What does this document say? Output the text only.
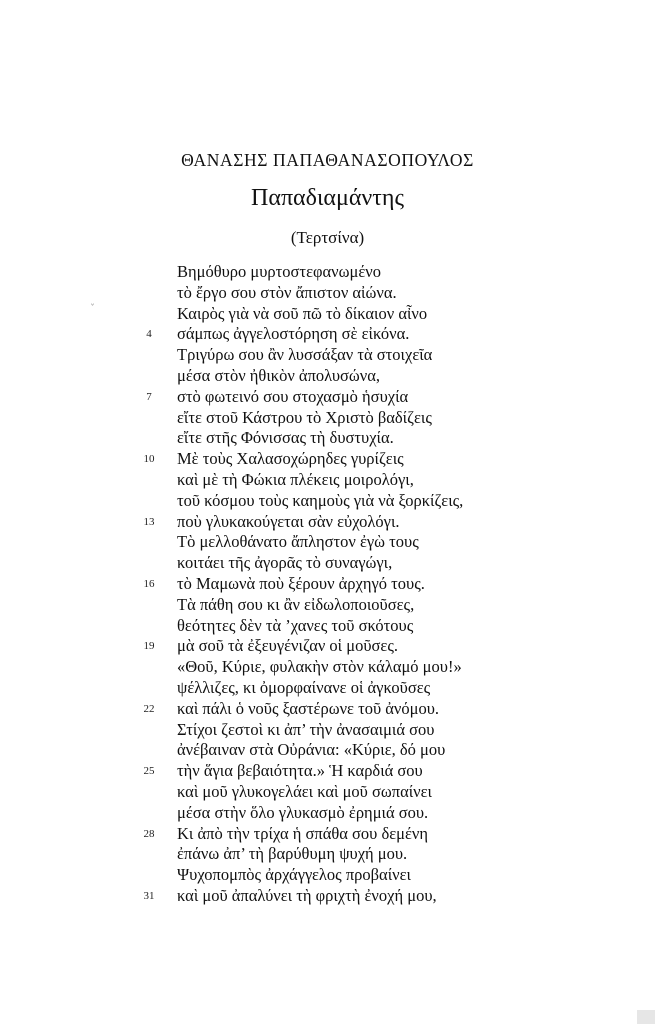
ΘΑΝΑΣΗΣ ΠΑΠΑΘΑΝΑΣΟΠΟΥΛΟΣ
Παπαδιαμάντης
(Τερτσίνα)
ˇ
Βημόθυρο μυρτοστεφανωμένο
τὸ ἔργο σου στὸν ἄπιστον αἰώνα.
Καιρὸς γιὰ νὰ σοῦ πῶ τὸ δίκαιον αἶνο
4	σάμπως ἀγγελοστόρηση σὲ εἰκόνα.
Τριγύρω σου ἂν λυσσάξαν τὰ στοιχεῖα
μέσα στὸν ἠθικὸν ἀπολυσώνα,
7	στὸ φωτεινό σου στοχασμὸ ἡσυχία
εἴτε στοῦ Κάστρου τὸ Χριστὸ βαδίζεις
εἴτε στῆς Φόνισσας τὴ δυστυχία.
10 Μὲ τοὺς Χαλασοχώρηδες γυρίζεις
καὶ μὲ τὴ Φώκια πλέκεις μοιρολόγι,
τοῦ κόσμου τοὺς καημοὺς γιὰ νὰ ξορκίζεις,
13 ποὺ γλυκακούγεται σὰν εὐχολόγι.
Τὸ μελλοθάνατο ἄπληστον ἐγὼ τους
κοιτάει τῆς ἀγορᾶς τὸ συναγώγι,
16 τὸ Μαμωνὰ ποὺ ξέρουν ἀρχηγό τους.
Τὰ πάθη σου κι ἂν εἰδωλοποιοῦσες,
θεότητες δὲν τὰ ’χανες τοῦ σκότους
19 μὰ σοῦ τὰ ἐξευγένιζαν οἱ μοῦσες.
«Θοῦ, Κύριε, φυλακὴν στὸν κάλαμό μου!»
ψέλλιζες, κι ὀμορφαίνανε οἱ ἀγκοῦσες
22 καὶ πάλι ὁ νοῦς ξαστέρωνε τοῦ ἀνόμου.
Στίχοι ζεστοὶ κι ἀπ’ τὴν ἀνασαιμιά σου
ἀνέβαιναν στὰ Οὐράνια: «Κύριε, δό μου
25 τὴν ἅγια βεβαιότητα.» Ἡ καρδιά σου
καὶ μοῦ γλυκογελάει καὶ μοῦ σωπαίνει
μέσα στὴν ὅλο γλυκασμὸ ἐρημιά σου.
28 Κι ἀπὸ τὴν τρίχα ἡ σπάθα σου δεμένη
ἐπάνω ἀπ’ τὴ βαρύθυμη ψυχή μου.
Ψυχοπομπὸς ἀρχάγγελος προβαίνει
31 καὶ μοῦ ἀπαλύνει τὴ φριχτὴ ἐνοχή μου,
